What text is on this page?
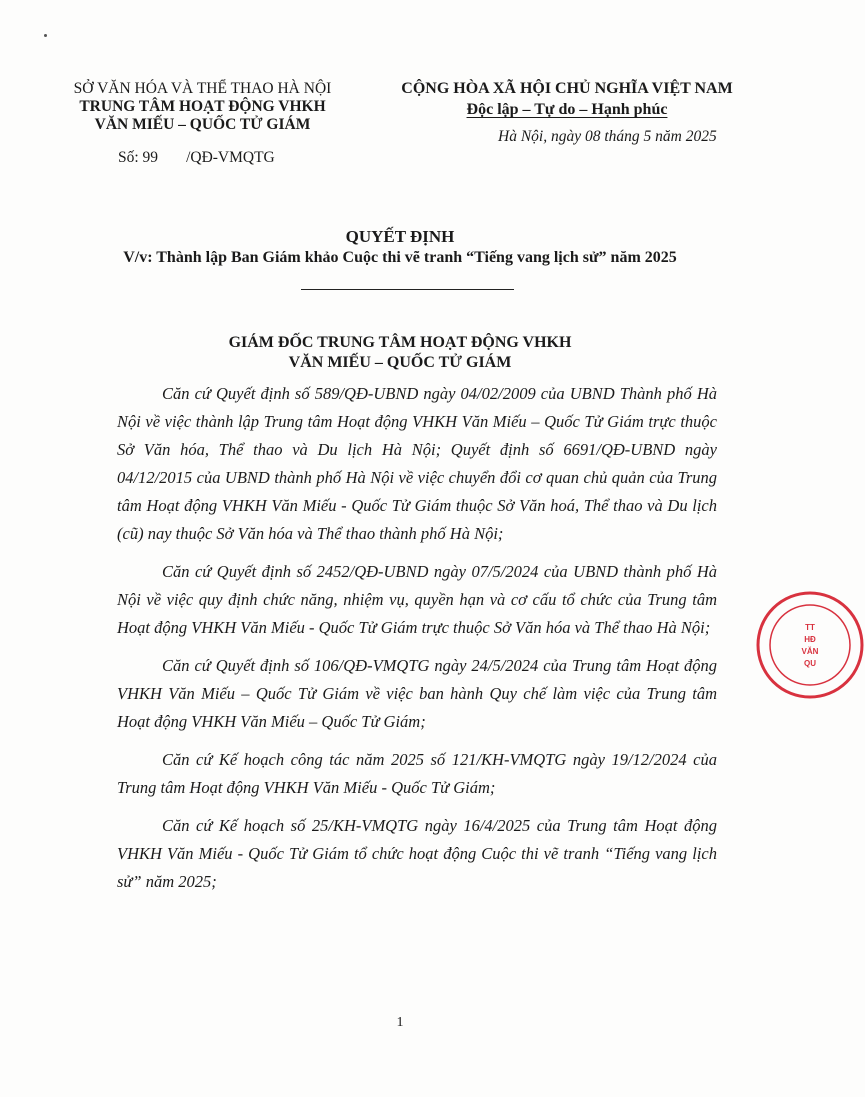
SỞ VĂN HÓA VÀ THỂ THAO HÀ NỘI
TRUNG TÂM HOẠT ĐỘNG VHKH
VĂN MIẾU – QUỐC TỬ GIÁM
Số: 99 /QĐ-VMQTG
CỘNG HÒA XÃ HỘI CHỦ NGHĨA VIỆT NAM
Độc lập – Tự do – Hạnh phúc
Hà Nội, ngày 08 tháng 5 năm 2025
QUYẾT ĐỊNH
V/v: Thành lập Ban Giám khảo Cuộc thi vẽ tranh “Tiếng vang lịch sử” năm 2025
GIÁM ĐỐC TRUNG TÂM HOẠT ĐỘNG VHKH
VĂN MIẾU – QUỐC TỬ GIÁM

Căn cứ Quyết định số 589/QĐ-UBND ngày 04/02/2009 của UBND Thành phố Hà Nội về việc thành lập Trung tâm Hoạt động VHKH Văn Miếu – Quốc Tử Giám trực thuộc Sở Văn hóa, Thể thao và Du lịch Hà Nội; Quyết định số 6691/QĐ-UBND ngày 04/12/2015 của UBND thành phố Hà Nội về việc chuyển đổi cơ quan chủ quản của Trung tâm Hoạt động VHKH Văn Miếu - Quốc Tử Giám thuộc Sở Văn hoá, Thể thao và Du lịch (cũ) nay thuộc Sở Văn hóa và Thể thao thành phố Hà Nội;

Căn cứ Quyết định số 2452/QĐ-UBND ngày 07/5/2024 của UBND thành phố Hà Nội về việc quy định chức năng, nhiệm vụ, quyền hạn và cơ cấu tổ chức của Trung tâm Hoạt động VHKH Văn Miếu - Quốc Tử Giám trực thuộc Sở Văn hóa và Thể thao Hà Nội;

Căn cứ Quyết định số 106/QĐ-VMQTG ngày 24/5/2024 của Trung tâm Hoạt động VHKH Văn Miếu – Quốc Tử Giám về việc ban hành Quy chế làm việc của Trung tâm Hoạt động VHKH Văn Miếu – Quốc Tử Giám;

Căn cứ Kế hoạch công tác năm 2025 số 121/KH-VMQTG ngày 19/12/2024 của Trung tâm Hoạt động VHKH Văn Miếu - Quốc Tử Giám;

Căn cứ Kế hoạch số 25/KH-VMQTG ngày 16/4/2025 của Trung tâm Hoạt động VHKH Văn Miếu - Quốc Tử Giám tổ chức hoạt động Cuộc thi vẽ tranh “Tiếng vang lịch sử” năm 2025;

TT
HĐ
VĂN
QU
1
